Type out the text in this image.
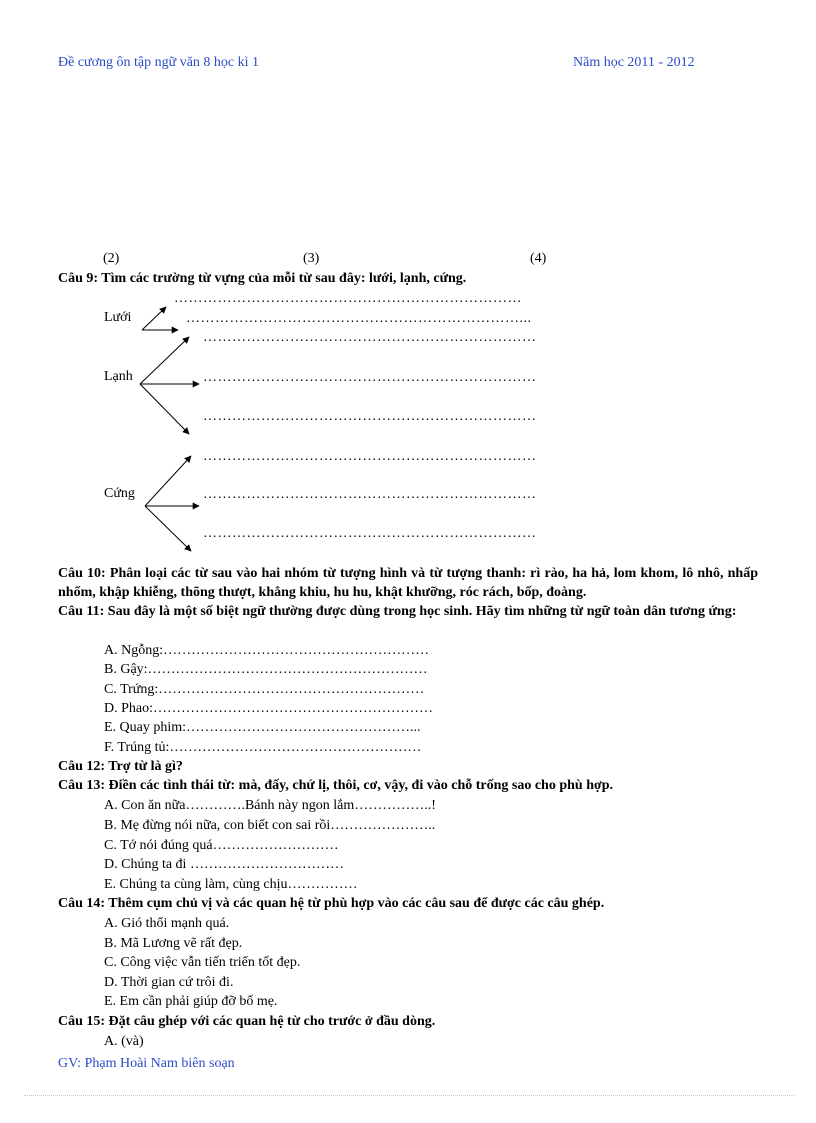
Đề cương ôn tập ngữ văn 8 học kì 1	Năm học 2011 - 2012
(2)	(3)	(4)
Câu 9: Tìm các trường từ vựng của mỗi từ sau đây: lưới, lạnh, cứng.
Lưới
Lạnh
Cứng
………………………………………………………………
……………………………………………………………...
……………………………………………………………
……………………………………………………………
……………………………………………………………
……………………………………………………………
……………………………………………………………
……………………………………………………………
Câu 10: Phân loại các từ sau vào hai nhóm từ tượng hình và từ tượng thanh: rì rào, ha hả, lom khom, lô nhô, nhấp nhổm, khập khiễng, thõng thượt, khẳng khiu, hu hu, khật khưỡng, róc rách, bốp, đoàng.
Câu 11: Sau đây là một số biệt ngữ thường được dùng trong học sinh. Hãy tìm những từ ngữ toàn dân tương ứng:
A. Ngỗng:…………………………………………………
B. Gậy:……………………………………………………
C. Trứng:…………………………………………………
D. Phao:……………………………………………………
E. Quay phim:…………………………………………...
F. Trúng tủ:………………………………………………
Câu 12: Trợ từ là gì?
Câu 13: Điền các tình thái từ: mà, đấy, chứ lị, thôi, cơ, vậy, đi vào chỗ trống sao cho phù hợp.
A. Con ăn nữa………….Bánh này ngon lắm……………..!
B. Mẹ đừng nói nữa, con biết con sai rồi…………………..
C. Tớ nói đúng quá………………………
D. Chúng ta đi ……………………………
E. Chúng ta cùng làm, cùng chịu……………
Câu 14: Thêm cụm chủ vị và các quan hệ từ phù hợp vào các câu sau để được các câu ghép.
A. Gió thổi mạnh quá.
B. Mã Lương vẽ rất đẹp.
C. Công việc vẫn tiến triển tốt đẹp.
D. Thời gian cứ trôi đi.
E. Em cần phải giúp đỡ bố mẹ.
Câu 15: Đặt câu ghép với các quan hệ từ cho trước ở đầu dòng.
A. (và)
GV: Phạm Hoài Nam biên soạn
